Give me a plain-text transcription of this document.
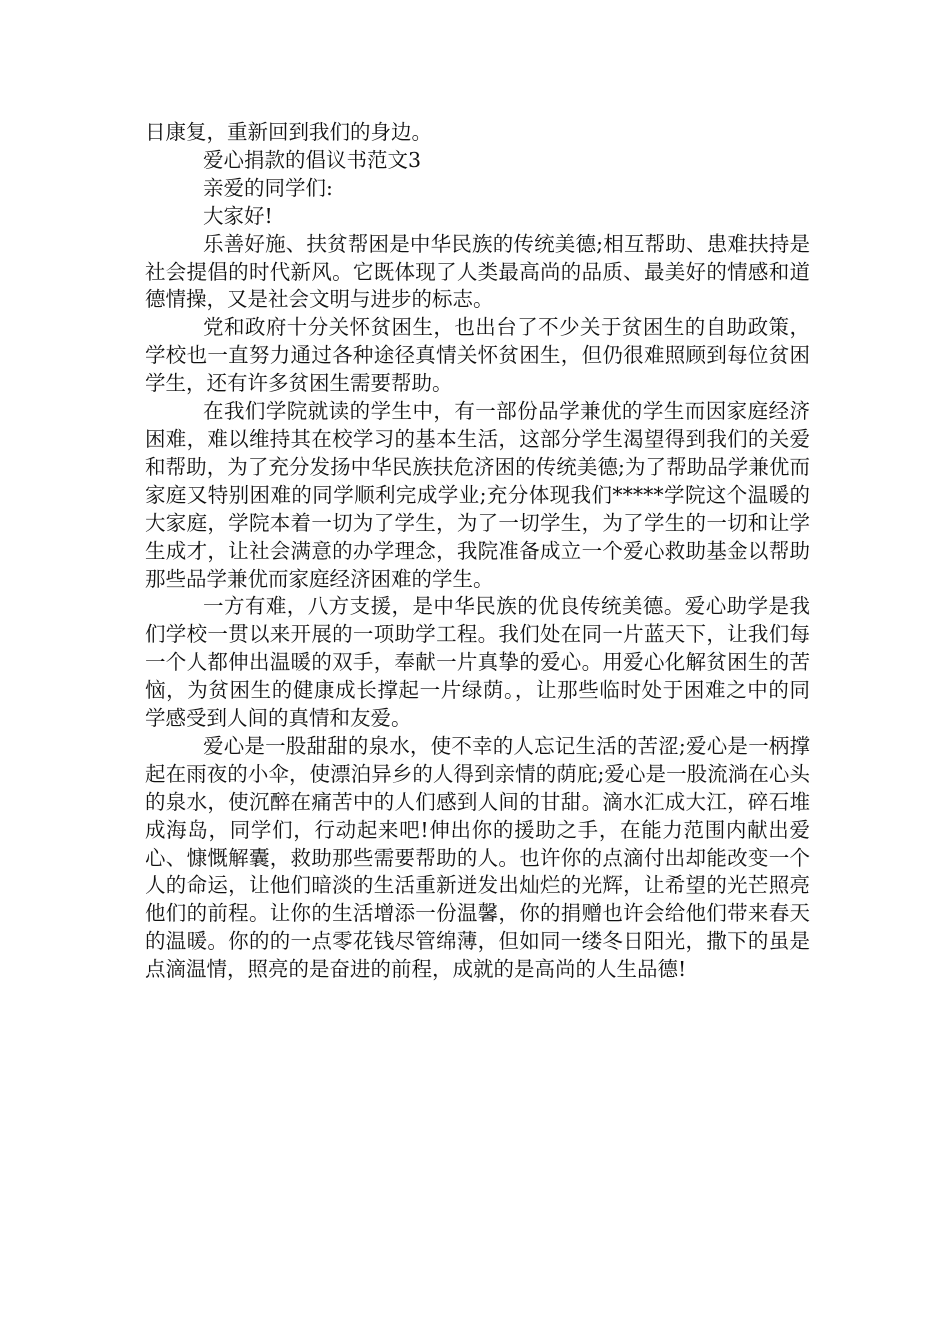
日康复，重新回到我们的身边。

爱心捐款的倡议书范文3

亲爱的同学们:

大家好!

乐善好施、扶贫帮困是中华民族的传统美德;相互帮助、患难扶持是社会提倡的时代新风。它既体现了人类最高尚的品质、最美好的情感和道德情操，又是社会文明与进步的标志。

党和政府十分关怀贫困生，也出台了不少关于贫困生的自助政策，学校也一直努力通过各种途径真情关怀贫困生，但仍很难照顾到每位贫困学生，还有许多贫困生需要帮助。

在我们学院就读的学生中，有一部份品学兼优的学生而因家庭经济困难，难以维持其在校学习的基本生活，这部分学生渴望得到我们的关爱和帮助，为了充分发扬中华民族扶危济困的传统美德;为了帮助品学兼优而家庭又特别困难的同学顺利完成学业;充分体现我们*****学院这个温暖的大家庭，学院本着一切为了学生，为了一切学生，为了学生的一切和让学生成才，让社会满意的办学理念，我院准备成立一个爱心救助基金以帮助那些品学兼优而家庭经济困难的学生。

一方有难，八方支援，是中华民族的优良传统美德。爱心助学是我们学校一贯以来开展的一项助学工程。我们处在同一片蓝天下，让我们每一个人都伸出温暖的双手，奉献一片真挚的爱心。用爱心化解贫困生的苦恼，为贫困生的健康成长撑起一片绿荫。，让那些临时处于困难之中的同学感受到人间的真情和友爱。

爱心是一股甜甜的泉水，使不幸的人忘记生活的苦涩;爱心是一柄撑起在雨夜的小伞，使漂泊异乡的人得到亲情的荫庇;爱心是一股流淌在心头的泉水，使沉醉在痛苦中的人们感到人间的甘甜。滴水汇成大江，碎石堆成海岛，同学们，行动起来吧!伸出你的援助之手，在能力范围内献出爱心、慷慨解囊，救助那些需要帮助的人。也许你的点滴付出却能改变一个人的命运，让他们暗淡的生活重新迸发出灿烂的光辉，让希望的光芒照亮他们的前程。让你的生活增添一份温馨，你的捐赠也许会给他们带来春天的温暖。你的的一点零花钱尽管绵薄，但如同一缕冬日阳光，撒下的虽是点滴温情，照亮的是奋进的前程，成就的是高尚的人生品德!
